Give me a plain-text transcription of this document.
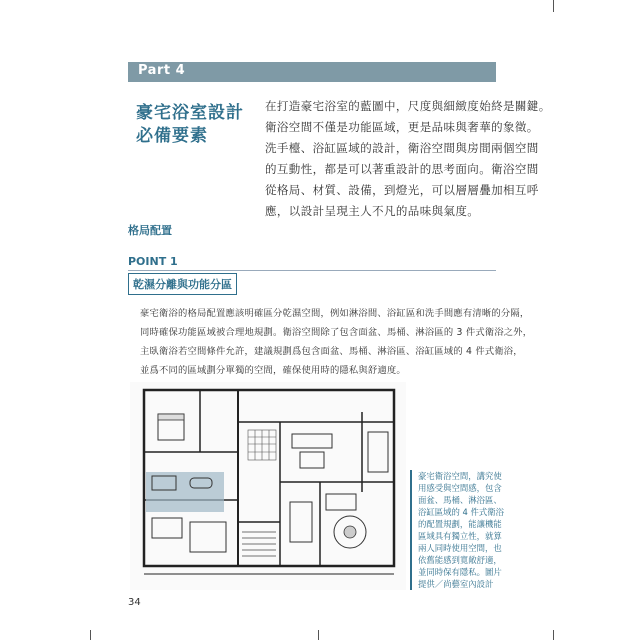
Part 4
豪宅浴室設計
必備要素
在打造豪宅浴室的藍圖中，尺度與細緻度始終是關鍵。
衛浴空間不僅是功能區域，更是品味與奢華的象徵。
洗手檯、浴缸區域的設計，衛浴空間與房間兩個空間
的互動性，都是可以著重設計的思考面向。衛浴空間
從格局、材質、設備，到燈光，可以層層疊加相互呼
應，以設計呈現主人不凡的品味與氣度。
格局配置
POINT 1
乾濕分離與功能分區
豪宅衛浴的格局配置應該明確區分乾濕空間，例如淋浴間、浴缸區和洗手間應有清晰的分隔，
同時確保功能區域被合理地規劃。衛浴空間除了包含面盆、馬桶、淋浴區的 3 件式衛浴之外，
主臥衛浴若空間條件允許，建議規劃爲包含面盆、馬桶、淋浴區、浴缸區域的 4 件式衛浴，
並爲不同的區域劃分單獨的空間，確保使用時的隱私與舒適度。
豪宅衛浴空間，講究使
用感受與空間感，包含
面盆、馬桶、淋浴區、
浴缸區域的 4 件式衛浴
的配置規劃，能讓機能
區域具有獨立性，就算
兩人同時使用空間，也
依舊能感到寬敞舒適，
並同時保有隱私。圖片
提供／尚藝室內設計
34
